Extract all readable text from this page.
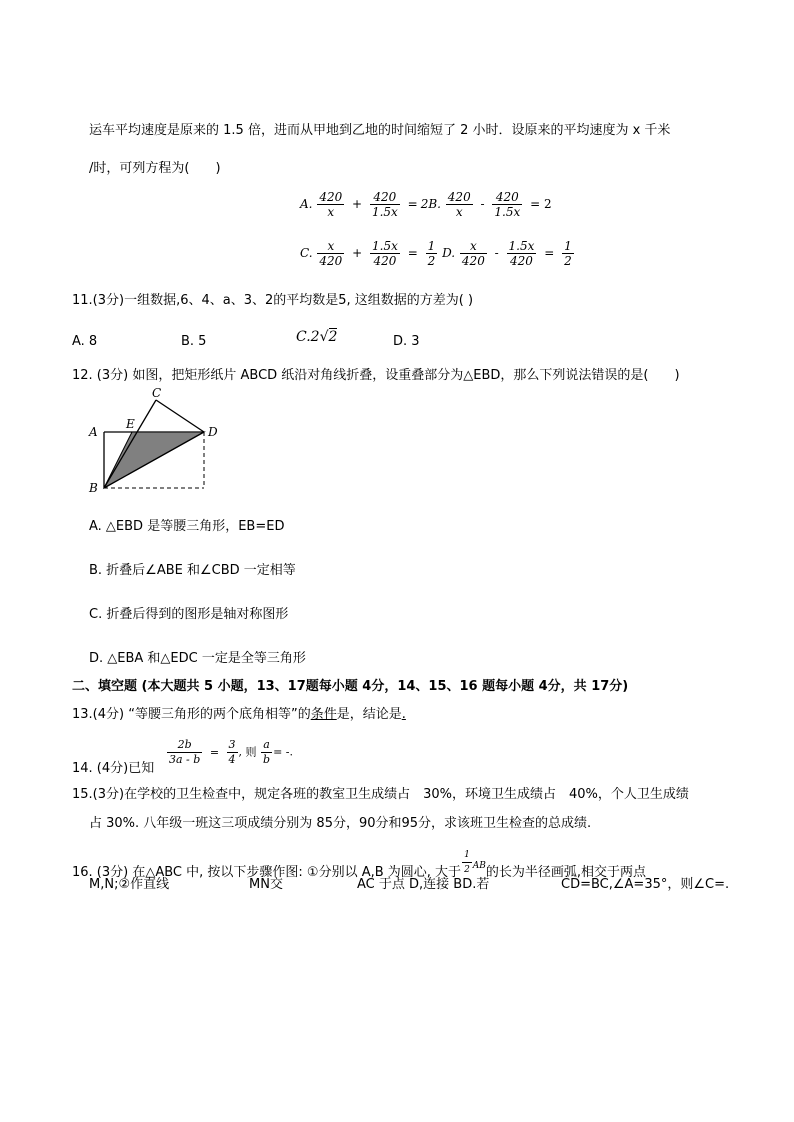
运车平均速度是原来的 1.5 倍，进而从甲地到乙地的时间缩短了 2 小时．设原来的平均速度为 x 千米
/时，可列方程为(　　)
A. $\frac{420}{x} + \frac{420}{1.5x} = 2B$. $\frac{420}{x} - \frac{420}{1.5x} = 2$
C. $\frac{x}{420} + \frac{1.5x}{420} = \frac{1}{2} D$. $\frac{x}{420} - \frac{1.5x}{420} = \frac{1}{2}$
11.(3分)一组数据,6、4、a、3、2的平均数是5, 这组数据的方差为( )
A. 8	B. 5	C.2√2	D. 3
12. (3分) 如图，把矩形纸片 ABCD 纸沿对角线折叠，设重叠部分为△EBD，那么下列说法错误的是(　　)
A
B
C
D
E
A. △EBD 是等腰三角形，EB=ED
B. 折叠后∠ABE 和∠CBD 一定相等
C. 折叠后得到的图形是轴对称图形
D. △EBA 和△EDC 一定是全等三角形
二、填空题 (本大题共 5 小题，13、17题每小题 4分，14、15、16 题每小题 4分，共 17分)
13.(4分) “等腰三角形的两个底角相等”的条件是，结论是.
14. (4分)已知
$\frac{2b}{3a - b} = \frac{3}{4}$ , 则 $\frac{a}{b}$ = -.
15.(3分)在学校的卫生检查中，规定各班的教室卫生成绩占　30%，环境卫生成绩占　40%，个人卫生成绩
占 30%. 八年级一班这三项成绩分别为 85分，90分和95分，求该班卫生检查的总成绩.
16. (3分) 在△ABC 中, 按以下步骤作图: ①分别以 A,B 为圆心, 大于 $\frac{1}{2} ^{AB}$的长为半径画弧,相交于两点
M,N;②作直线	MN交	AC 于点 D,连接 BD.若	CD=BC,∠A=35°，则∠C=.
